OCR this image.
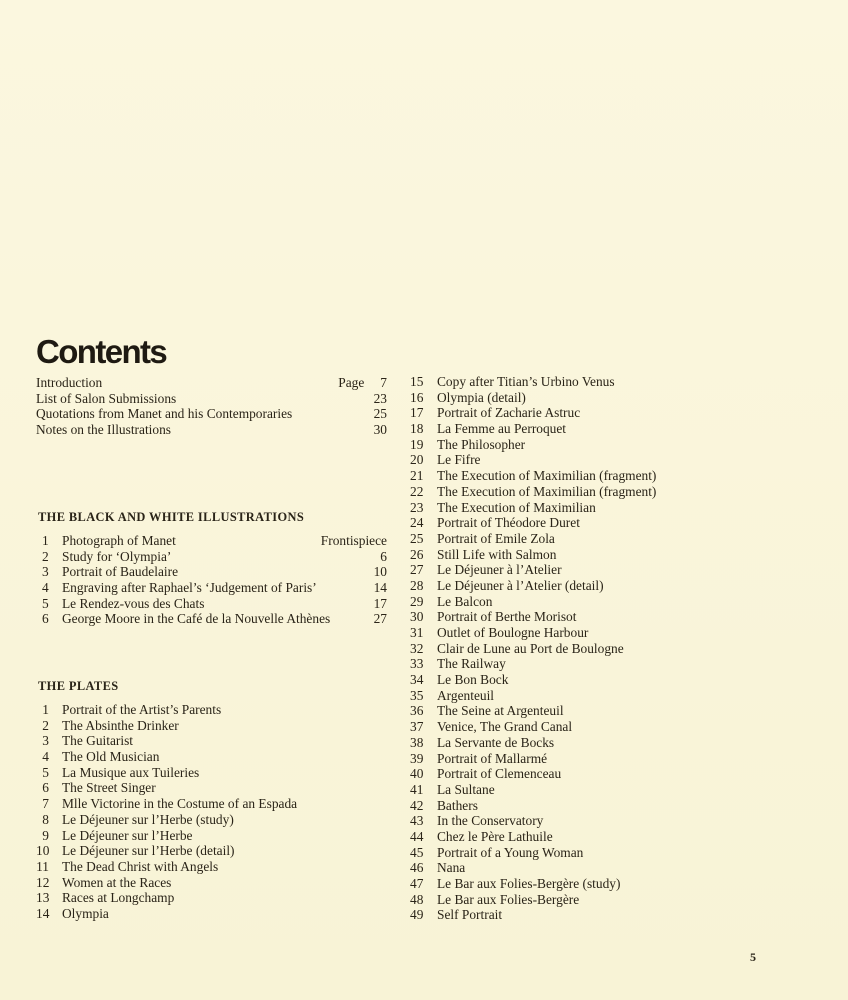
Contents
Introduction	Page 7
List of Salon Submissions	23
Quotations from Manet and his Contemporaries	25
Notes on the Illustrations	30
THE BLACK AND WHITE ILLUSTRATIONS
1 Photograph of Manet	Frontispiece
2 Study for ‘Olympia’	6
3 Portrait of Baudelaire	10
4 Engraving after Raphael’s ‘Judgement of Paris’	14
5 Le Rendez-vous des Chats	17
6 George Moore in the Café de la Nouvelle Athènes	27
THE PLATES
1 Portrait of the Artist’s Parents
2 The Absinthe Drinker
3 The Guitarist
4 The Old Musician
5 La Musique aux Tuileries
6 The Street Singer
7 Mlle Victorine in the Costume of an Espada
8 Le Déjeuner sur l’Herbe (study)
9 Le Déjeuner sur l’Herbe
10 Le Déjeuner sur l’Herbe (detail)
11 The Dead Christ with Angels
12 Women at the Races
13 Races at Longchamp
14 Olympia
15	Copy after Titian’s Urbino Venus
16	Olympia (detail)
17	Portrait of Zacharie Astruc
18	La Femme au Perroquet
19	The Philosopher
20	Le Fifre
21	The Execution of Maximilian (fragment)
22	The Execution of Maximilian (fragment)
23	The Execution of Maximilian
24	Portrait of Théodore Duret
25	Portrait of Emile Zola
26	Still Life with Salmon
27	Le Déjeuner à l’Atelier
28	Le Déjeuner à l’Atelier (detail)
29	Le Balcon
30	Portrait of Berthe Morisot
31	Outlet of Boulogne Harbour
32	Clair de Lune au Port de Boulogne
33	The Railway
34	Le Bon Bock
35	Argenteuil
36	The Seine at Argenteuil
37	Venice, The Grand Canal
38	La Servante de Bocks
39	Portrait of Mallarmé
40	Portrait of Clemenceau
41	La Sultane
42	Bathers
43	In the Conservatory
44	Chez le Père Lathuile
45	Portrait of a Young Woman
46	Nana
47	Le Bar aux Folies-Bergère (study)
48	Le Bar aux Folies-Bergère
49	Self Portrait
5
